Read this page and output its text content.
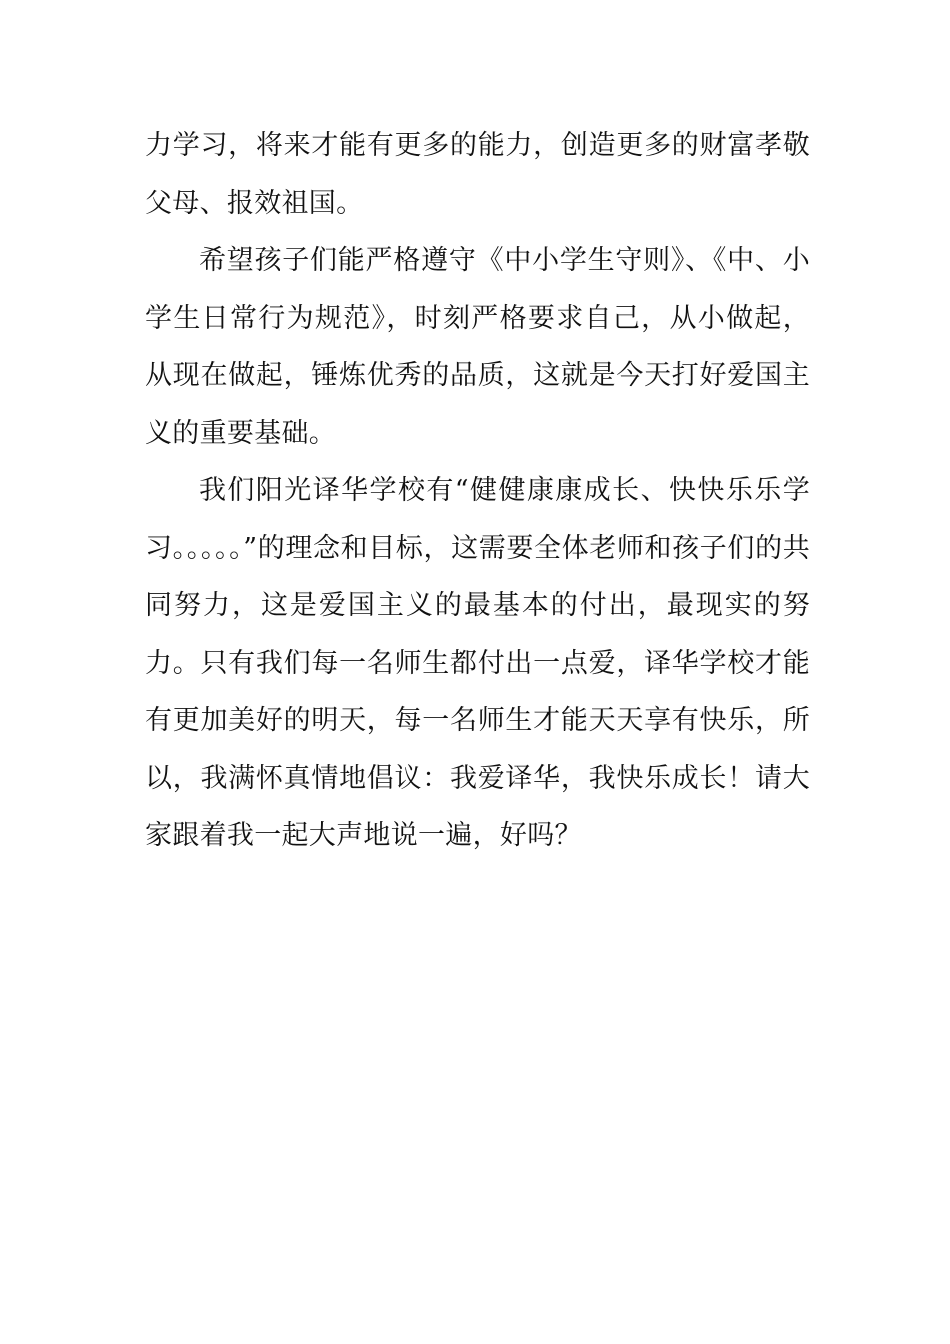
力学习，将来才能有更多的能力，创造更多的财富孝敬父母、报效祖国。

希望孩子们能严格遵守《中小学生守则》、《中、小学生日常行为规范》，时刻严格要求自己，从小做起，从现在做起，锤炼优秀的品质，这就是今天打好爱国主义的重要基础。

我们阳光译华学校有“健健康康成长、快快乐乐学习。。。。。”的理念和目标，这需要全体老师和孩子们的共同努力，这是爱国主义的最基本的付出，最现实的努力。只有我们每一名师生都付出一点爱，译华学校才能有更加美好的明天，每一名师生才能天天享有快乐，所以，我满怀真情地倡议：我爱译华，我快乐成长！请大家跟着我一起大声地说一遍，好吗？
